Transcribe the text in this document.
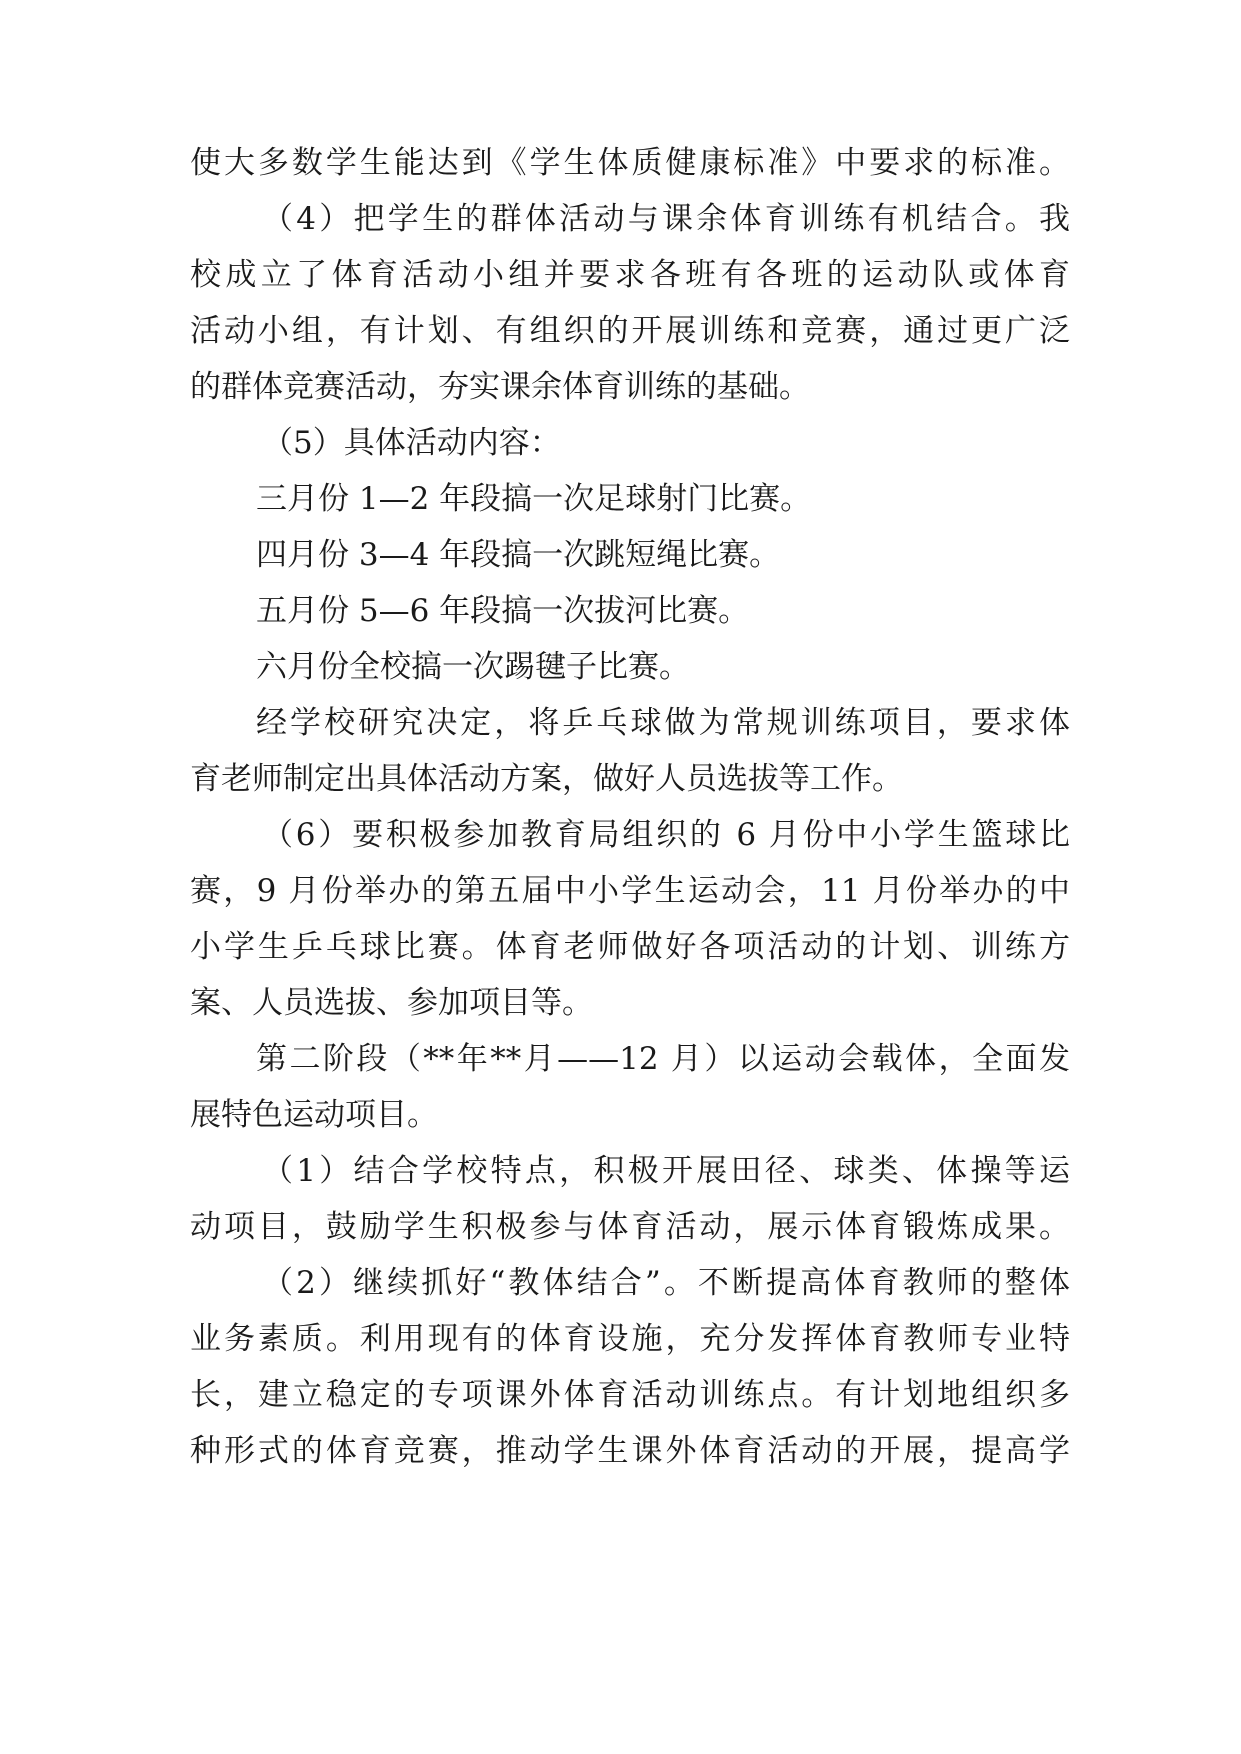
使大多数学生能达到《学生体质健康标准》中要求的标准。
（4）把学生的群体活动与课余体育训练有机结合。我
校成立了体育活动小组并要求各班有各班的运动队或体育
活动小组，有计划、有组织的开展训练和竞赛，通过更广泛
的群体竞赛活动，夯实课余体育训练的基础。
（5）具体活动内容：
三月份 1—2 年段搞一次足球射门比赛。
四月份 3—4 年段搞一次跳短绳比赛。
五月份 5—6 年段搞一次拔河比赛。
六月份全校搞一次踢毽子比赛。
经学校研究决定，将乒乓球做为常规训练项目，要求体
育老师制定出具体活动方案，做好人员选拔等工作。
（6）要积极参加教育局组织的 6 月份中小学生篮球比
赛，9 月份举办的第五届中小学生运动会，11 月份举办的中
小学生乒乓球比赛。体育老师做好各项活动的计划、训练方
案、人员选拔、参加项目等。
第二阶段（**年**月——12 月）以运动会载体，全面发
展特色运动项目。
（1）结合学校特点，积极开展田径、球类、体操等运
动项目，鼓励学生积极参与体育活动，展示体育锻炼成果。
（2）继续抓好“教体结合”。不断提高体育教师的整体
业务素质。利用现有的体育设施，充分发挥体育教师专业特
长，建立稳定的专项课外体育活动训练点。有计划地组织多
种形式的体育竞赛，推动学生课外体育活动的开展，提高学
